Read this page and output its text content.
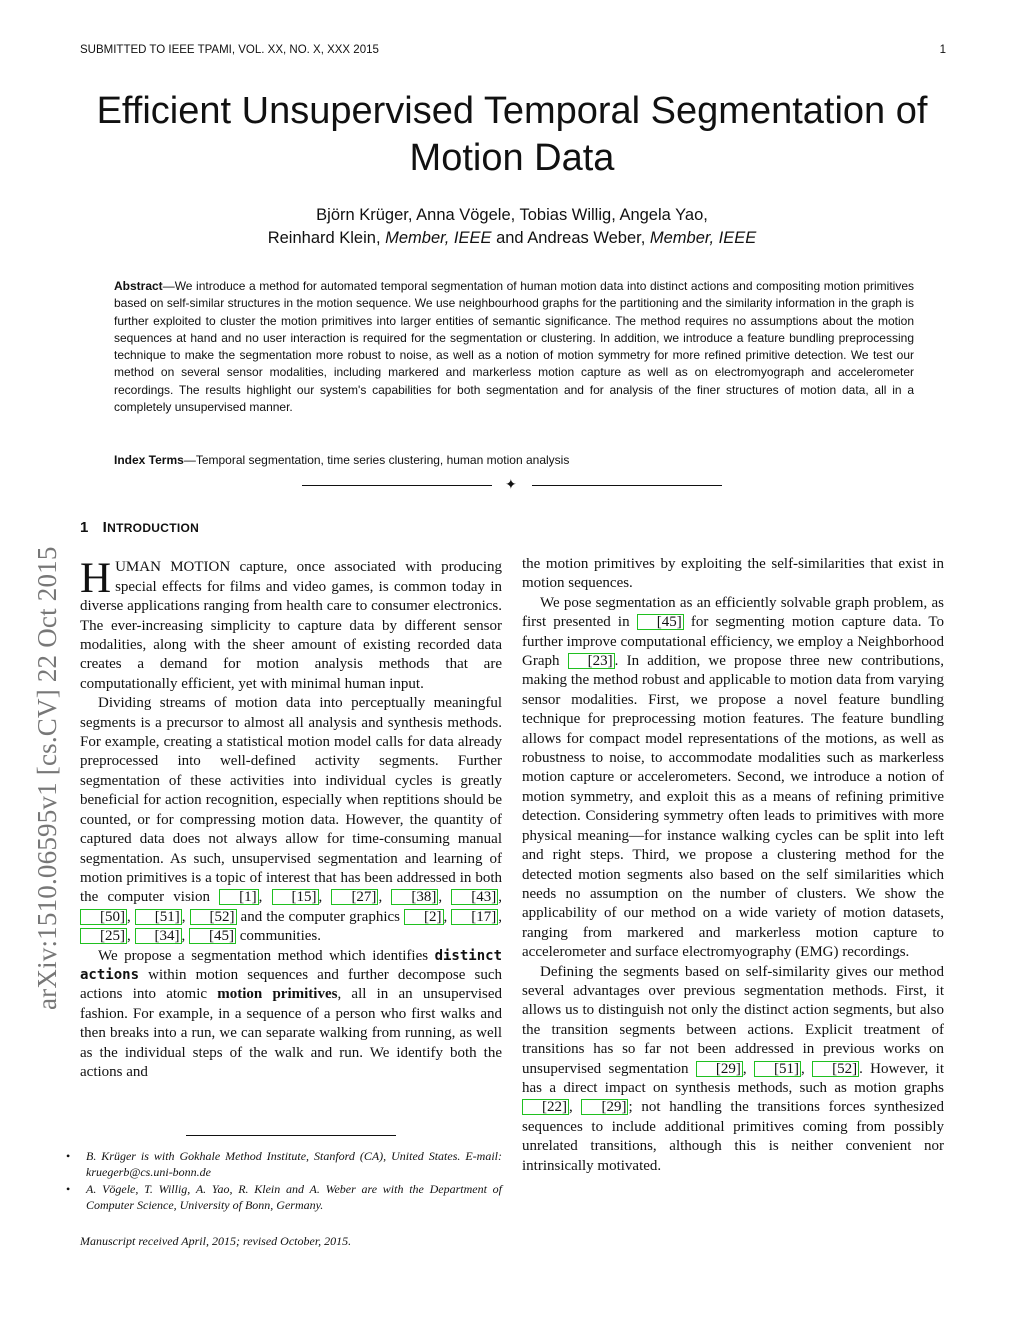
SUBMITTED TO IEEE TPAMI, VOL. XX, NO. X, XXX 2015	1
Efficient Unsupervised Temporal Segmentation of Motion Data
Björn Krüger, Anna Vögele, Tobias Willig, Angela Yao,
Reinhard Klein, Member, IEEE and Andreas Weber, Member, IEEE
Abstract—We introduce a method for automated temporal segmentation of human motion data into distinct actions and compositing motion primitives based on self-similar structures in the motion sequence. We use neighbourhood graphs for the partitioning and the similarity information in the graph is further exploited to cluster the motion primitives into larger entities of semantic significance. The method requires no assumptions about the motion sequences at hand and no user interaction is required for the segmentation or clustering. In addition, we introduce a feature bundling preprocessing technique to make the segmentation more robust to noise, as well as a notion of motion symmetry for more refined primitive detection. We test our method on several sensor modalities, including markered and markerless motion capture as well as on electromyograph and accelerometer recordings. The results highlight our system's capabilities for both segmentation and for analysis of the finer structures of motion data, all in a completely unsupervised manner.
Index Terms—Temporal segmentation, time series clustering, human motion analysis
✦
arXiv:1510.06595v1 [cs.CV] 22 Oct 2015
1 INTRODUCTION

HUMAN MOTION capture, once associated with producing special effects for films and video games, is common today in diverse applications ranging from health care to consumer electronics. The ever-increasing simplicity to capture data by different sensor modalities, along with the sheer amount of existing recorded data creates a demand for motion analysis methods that are computationally efficient, yet with minimal human input.

Dividing streams of motion data into perceptually meaningful segments is a precursor to almost all analysis and synthesis methods. For example, creating a statistical motion model calls for data already preprocessed into well-defined activity segments. Further segmentation of these activities into individual cycles is greatly beneficial for action recognition, especially when reptitions should be counted, or for compressing motion data. However, the quantity of captured data does not always allow for time-consuming manual segmentation. As such, unsupervised segmentation and learning of motion primitives is a topic of interest that has been addressed in both the computer vision [1] , [15] , [27] , [38] , [43] , [50] , [51] , [52] and the computer graphics [2] , [17] , [25] , [34] , [45] communities.

We propose a segmentation method which identifies distinct actions within motion sequences and further decompose such actions into atomic motion primitives, all in an unsupervised fashion. For example, in a sequence of a person who first walks and then breaks into a run, we can separate walking from running, as well as the individual steps of the walk and run. We identify both the actions and

• B. Krüger is with Gokhale Method Institute, Stanford (CA), United States. E-mail: kruegerb@cs.uni-bonn.de
• A. Vögele, T. Willig, A. Yao, R. Klein and A. Weber are with the Department of Computer Science, University of Bonn, Germany.
Manuscript received April, 2015; revised October, 2015.

the motion primitives by exploiting the self-similarities that exist in motion sequences.

We pose segmentation as an efficiently solvable graph problem, as first presented in [45] for segmenting motion capture data. To further improve computational efficiency, we employ a Neighborhood Graph [23] . In addition, we propose three new contributions, making the method robust and applicable to motion data from varying sensor modalities. First, we propose a novel feature bundling technique for preprocessing motion features. The feature bundling allows for compact model representations of the motions, as well as robustness to noise, to accommodate modalities such as markerless motion capture or accelerometers. Second, we introduce a notion of motion symmetry, and exploit this as a means of refining primitive detection. Considering symmetry often leads to primitives with more physical meaning—for instance walking cycles can be split into left and right steps. Third, we propose a clustering method for the detected motion segments also based on the self similarities which needs no assumption on the number of clusters. We show the applicability of our method on a wide variety of motion datasets, ranging from markered and markerless motion capture to accelerometer and surface electromyography (EMG) recordings.

Defining the segments based on self-similarity gives our method several advantages over previous segmentation methods. First, it allows us to distinguish not only the distinct action segments, but also the transition segments between actions. Explicit treatment of transitions has so far not been addressed in previous works on unsupervised segmentation [29] , [51] , [52] . However, it has a direct impact on synthesis methods, such as motion graphs [22] , [29] ; not handling the transitions forces synthesized sequences to include additional primitives coming from possibly unrelated transitions, although this is neither convenient nor intrinsically motivated.
